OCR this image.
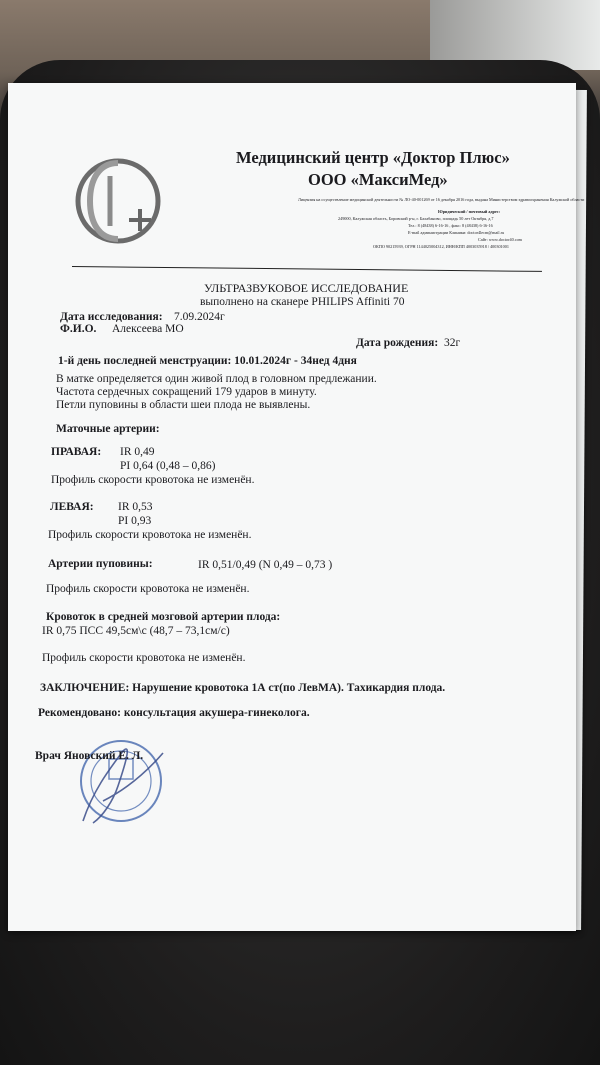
Медицинский центр «Доктор Плюс»
ООО «МаксиМед»
Лицензия на осуществление медицинской деятельности № ЛО-40-001269 от 16 декабря 2016 года, выдана Министерством здравоохранения Калужской области
Юридический / почтовый адрес:
249000, Калужская область, Боровский р-н, г. Балабаново, площадь 50 лет Октября, д.7
Тел.: 8 (48438) 6-16-16 , факс: 8 (48438) 6-16-16
E-mail администрации Клиники: doctor4lecm@mail.ru
Сайт: www.doctor40.com
ОКПО 90215939, ОГРН 1144025004312, ИНН/КПП 4003035918 / 400301001
УЛЬТРАЗВУКОВОЕ ИССЛЕДОВАНИЕ
выполнено на сканере PHILIPS Affiniti 70
Дата исследования: 7.09.2024г
Ф.И.О. Алексеева МО
Дата рождения: 32г
1-й день последней менструации: 10.01.2024г - 34нед 4дня
В матке определяется один живой плод в головном предлежании.
Частота сердечных сокращений 179 ударов в минуту.
Петли пуповины в области шеи плода не выявлены.
Маточные артерии:
ПРАВАЯ: IR 0,49
PI 0,64 (0,48 – 0,86)
Профиль скорости кровотока не изменён.
ЛЕВАЯ: IR 0,53
PI 0,93
Профиль скорости кровотока не изменён.
Артерии пуповины:	IR 0,51/0,49 (N 0,49 – 0,73 )
Профиль скорости кровотока не изменён.
Кровоток в средней мозговой артерии плода:
IR 0,75 ПСС 49,5см\с (48,7 – 73,1см/с)
Профиль скорости кровотока не изменён.
ЗАКЛЮЧЕНИЕ: Нарушение кровотока 1А ст(по ЛевМА). Тахикардия плода.
Рекомендовано: консультация акушера-гинеколога.
Врач Яновский Е. Л.
